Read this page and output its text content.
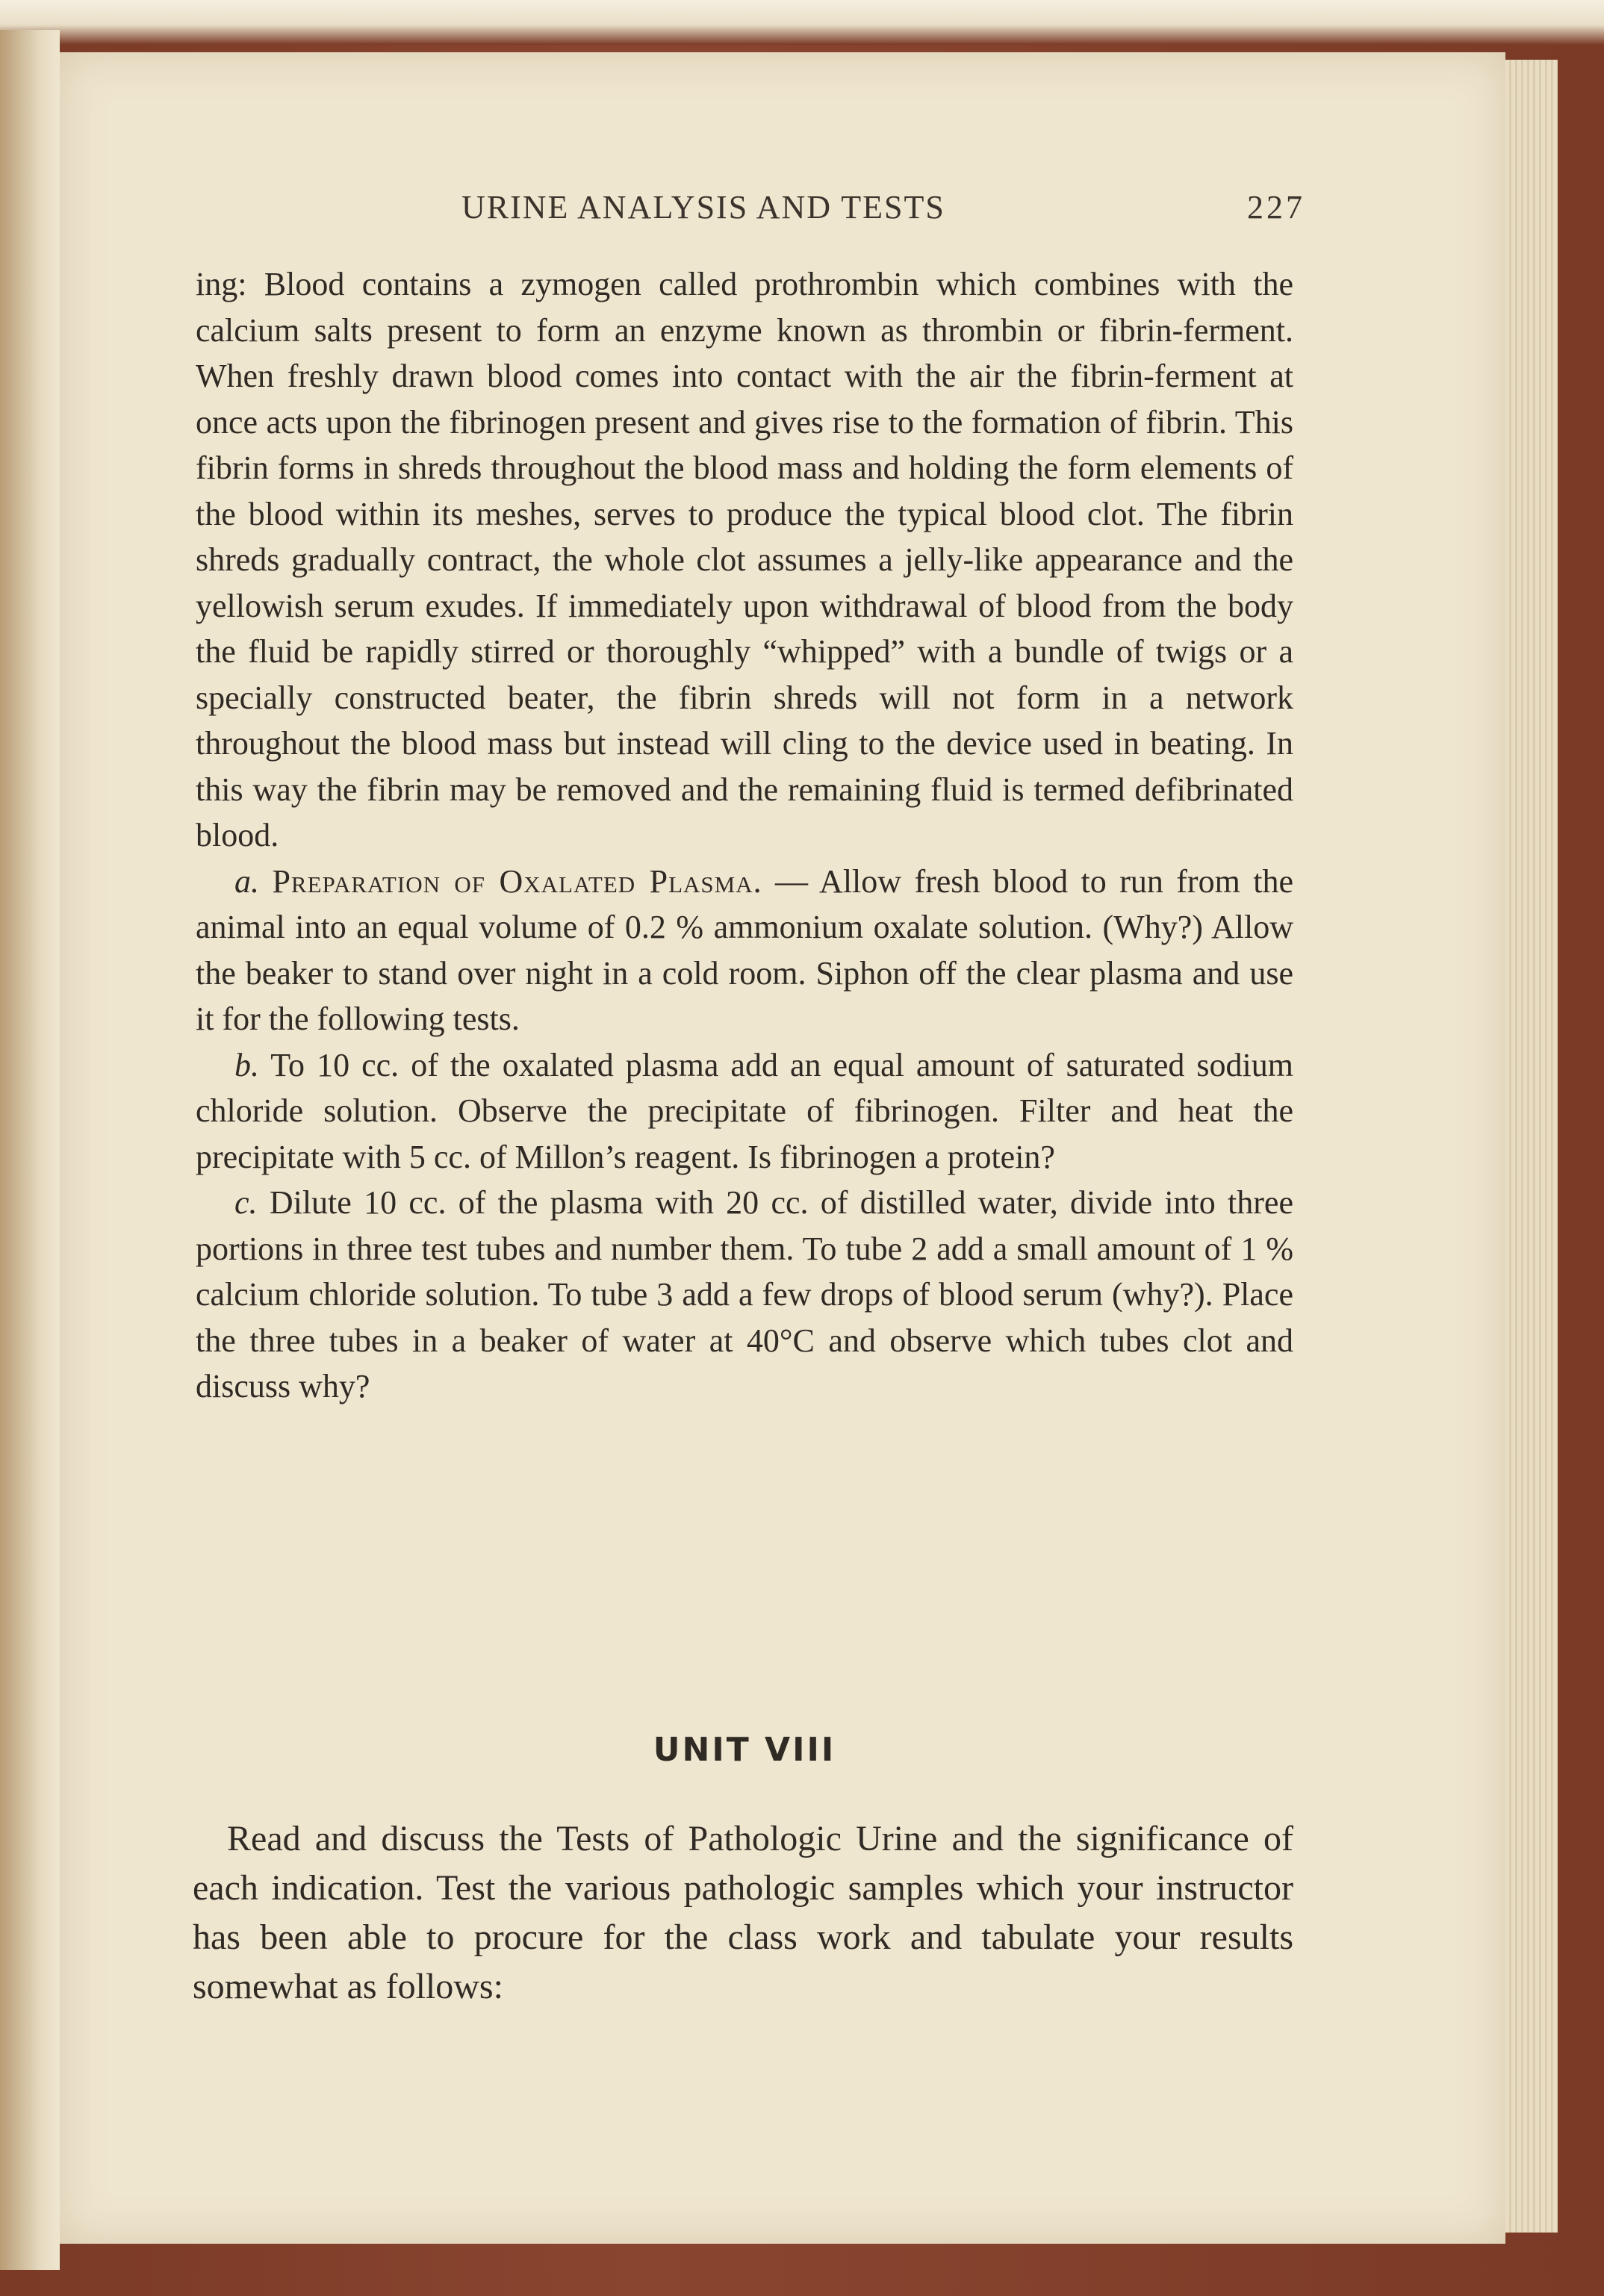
URINE ANALYSIS AND TESTS	227

ing: Blood contains a zymogen called prothrombin which combines with the calcium salts present to form an enzyme known as thrombin or fibrin-ferment. When freshly drawn blood comes into contact with the air the fibrin-ferment at once acts upon the fibrinogen present and gives rise to the formation of fibrin. This fibrin forms in shreds throughout the blood mass and holding the form elements of the blood within its meshes, serves to produce the typical blood clot. The fibrin shreds gradually contract, the whole clot assumes a jelly-like appearance and the yellowish serum exudes. If immediately upon withdrawal of blood from the body the fluid be rapidly stirred or thoroughly “whipped” with a bundle of twigs or a specially constructed beater, the fibrin shreds will not form in a network throughout the blood mass but instead will cling to the device used in beating. In this way the fibrin may be removed and the remaining fluid is termed defibrinated blood.

a. Preparation of Oxalated Plasma. — Allow fresh blood to run from the animal into an equal volume of 0.2 % ammonium oxalate solution. (Why?) Allow the beaker to stand over night in a cold room. Siphon off the clear plasma and use it for the following tests.

b. To 10 cc. of the oxalated plasma add an equal amount of saturated sodium chloride solution. Observe the precipitate of fibrinogen. Filter and heat the precipitate with 5 cc. of Millon’s reagent. Is fibrinogen a protein?

c. Dilute 10 cc. of the plasma with 20 cc. of distilled water, divide into three portions in three test tubes and number them. To tube 2 add a small amount of 1 % calcium chloride solution. To tube 3 add a few drops of blood serum (why?). Place the three tubes in a beaker of water at 40°C and observe which tubes clot and discuss why?

UNIT VIII

Read and discuss the Tests of Pathologic Urine and the significance of each indication. Test the various pathologic samples which your instructor has been able to procure for the class work and tabulate your results somewhat as follows:
